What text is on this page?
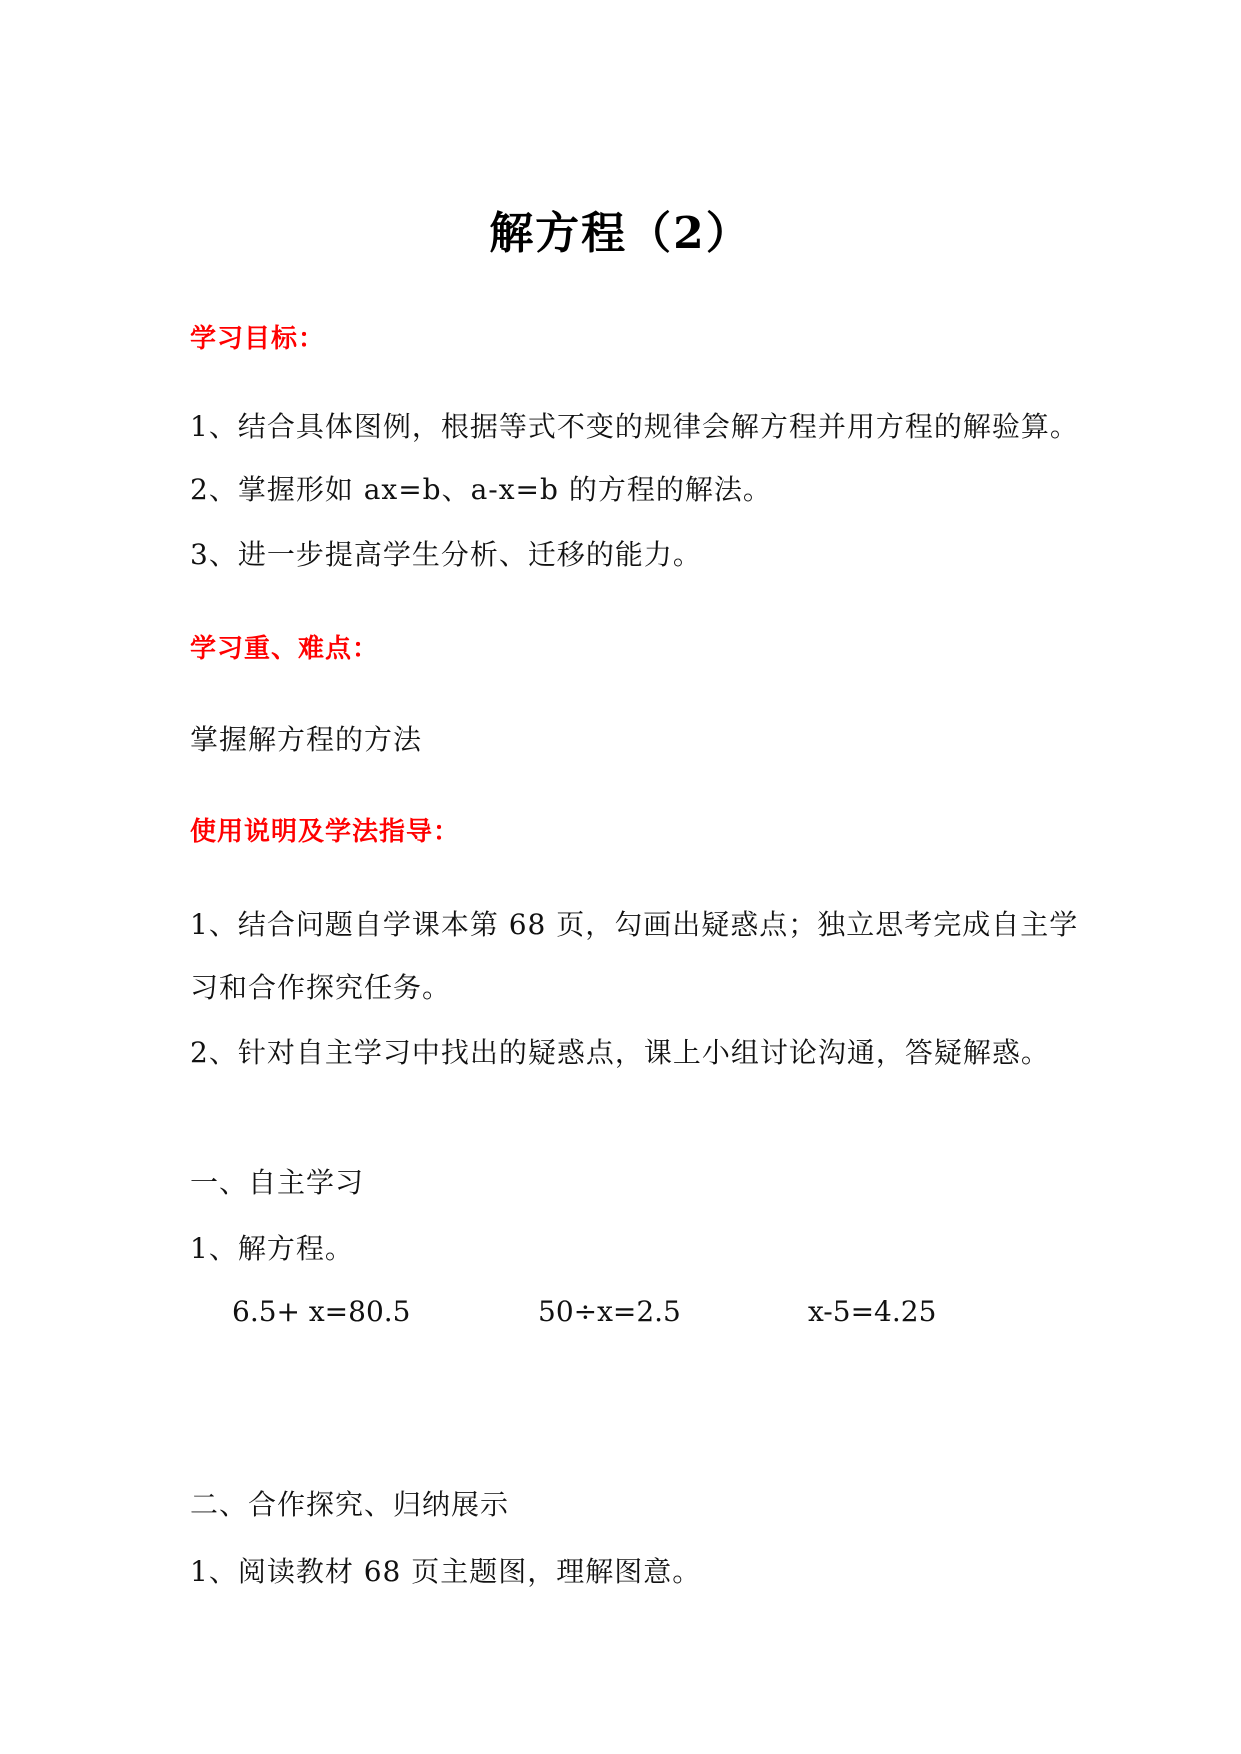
解方程（2）
学习目标：
1、结合具体图例，根据等式不变的规律会解方程并用方程的解验算。
2、掌握形如 ax=b、a-x=b 的方程的解法。
3、进一步提高学生分析、迁移的能力。
学习重、难点：
掌握解方程的方法
使用说明及学法指导：
1、结合问题自学课本第 68 页，勾画出疑惑点；独立思考完成自主学
习和合作探究任务。
2、针对自主学习中找出的疑惑点，课上小组讨论沟通，答疑解惑。
一、自主学习
1、解方程。
6.5+ x=80.5	50÷x=2.5	x-5=4.25
二、合作探究、归纳展示
1、阅读教材 68 页主题图，理解图意。
